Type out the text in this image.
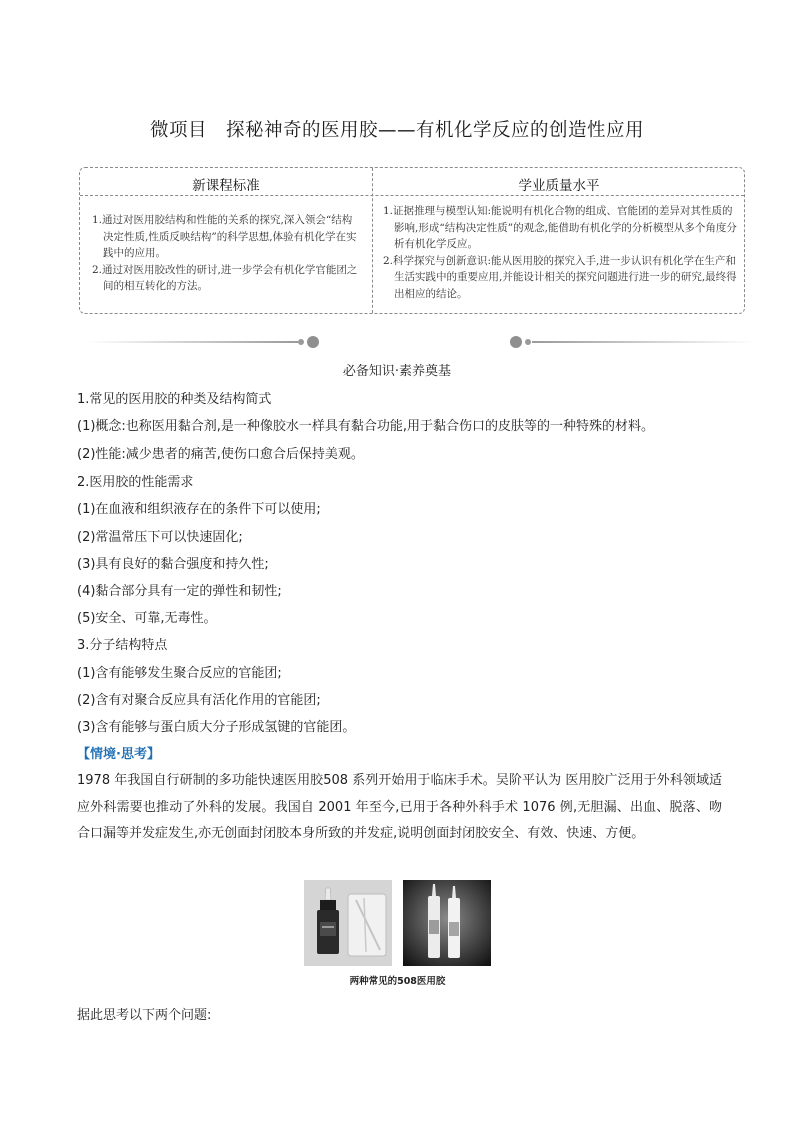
微项目　探秘神奇的医用胶——有机化学反应的创造性应用
新课程标准	学业质量水平

1.通过对医用胶结构和性能的关系的探究,深入领会“结构决定性质,性质反映结构”的科学思想,体验有机化学在实践中的应用。

2.通过对医用胶改性的研讨,进一步学会有机化学官能团之间的相互转化的方法。

1.证据推理与模型认知:能说明有机化合物的组成、官能团的差异对其性质的影响,形成“结构决定性质”的观念,能借助有机化学的分析模型从多个角度分析有机化学反应。

2.科学探究与创新意识:能从医用胶的探究入手,进一步认识有机化学在生产和生活实践中的重要应用,并能设计相关的探究问题进行进一步的研究,最终得出相应的结论。

必备知识·素养奠基
1.常见的医用胶的种类及结构简式
(1)概念:也称医用黏合剂,是一种像胶水一样具有黏合功能,用于黏合伤口的皮肤等的一种特殊的材料。
(2)性能:减少患者的痛苦,使伤口愈合后保持美观。
2.医用胶的性能需求
(1)在血液和组织液存在的条件下可以使用;
(2)常温常压下可以快速固化;
(3)具有良好的黏合强度和持久性;
(4)黏合部分具有一定的弹性和韧性;
(5)安全、可靠,无毒性。
3.分子结构特点
(1)含有能够发生聚合反应的官能团;
(2)含有对聚合反应具有活化作用的官能团;
(3)含有能够与蛋白质大分子形成氢键的官能团。
【情境·思考】

1978 年我国自行研制的多功能快速医用胶508 系列开始用于临床手术。吴阶平认为 医用胶广泛用于外科领域适应外科需要也推动了外科的发展。我国自 2001 年至今,已用于各种外科手术 1076 例,无胆漏、出血、脱落、吻合口漏等并发症发生,亦无创面封闭胶本身所致的并发症,说明创面封闭胶安全、有效、快速、方便。

两种常见的508医用胶
据此思考以下两个问题:
